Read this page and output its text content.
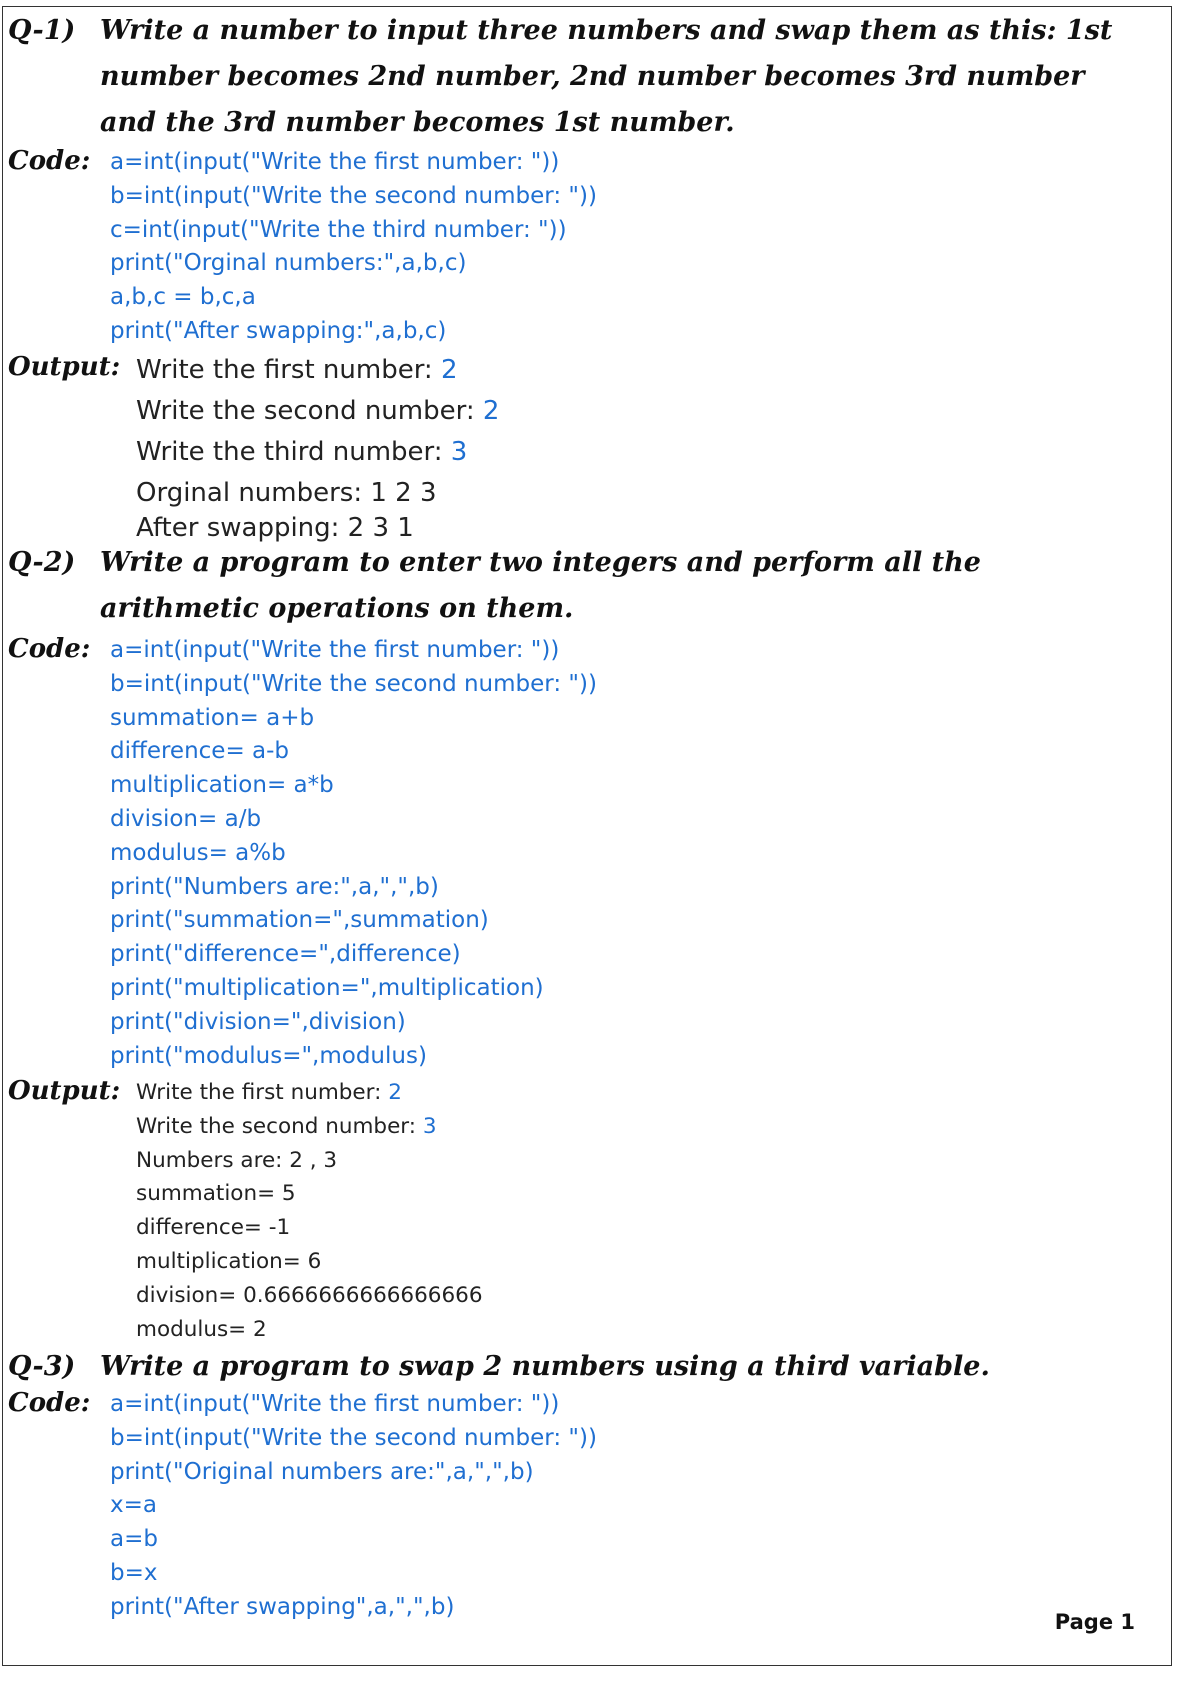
Q-1) Write a number to input three numbers and swap them as this: 1st
number becomes 2nd number, 2nd number becomes 3rd number
and the 3rd number becomes 1st number.
Code: a=int(input("Write the first number: "))
b=int(input("Write the second number: "))
c=int(input("Write the third number: "))
print("Orginal numbers:",a,b,c)
a,b,c = b,c,a
print("After swapping:",a,b,c)
Output: Write the first number: 2
Write the second number: 2
Write the third number: 3
Orginal numbers: 1 2 3
After swapping: 2 3 1
Q-2) Write a program to enter two integers and perform all the
arithmetic operations on them.
Code: a=int(input("Write the first number: "))
b=int(input("Write the second number: "))
summation= a+b
difference= a-b
multiplication= a*b
division= a/b
modulus= a%b
print("Numbers are:",a,",",b)
print("summation=",summation)
print("difference=",difference)
print("multiplication=",multiplication)
print("division=",division)
print("modulus=",modulus)
Output: Write the first number: 2
Write the second number: 3
Numbers are: 2 , 3
summation= 5
difference= -1
multiplication= 6
division= 0.6666666666666666
modulus= 2
Q-3) Write a program to swap 2 numbers using a third variable.
Code: a=int(input("Write the first number: "))
b=int(input("Write the second number: "))
print("Original numbers are:",a,",",b)
x=a
a=b
b=x
print("After swapping",a,",",b)
Page 1
